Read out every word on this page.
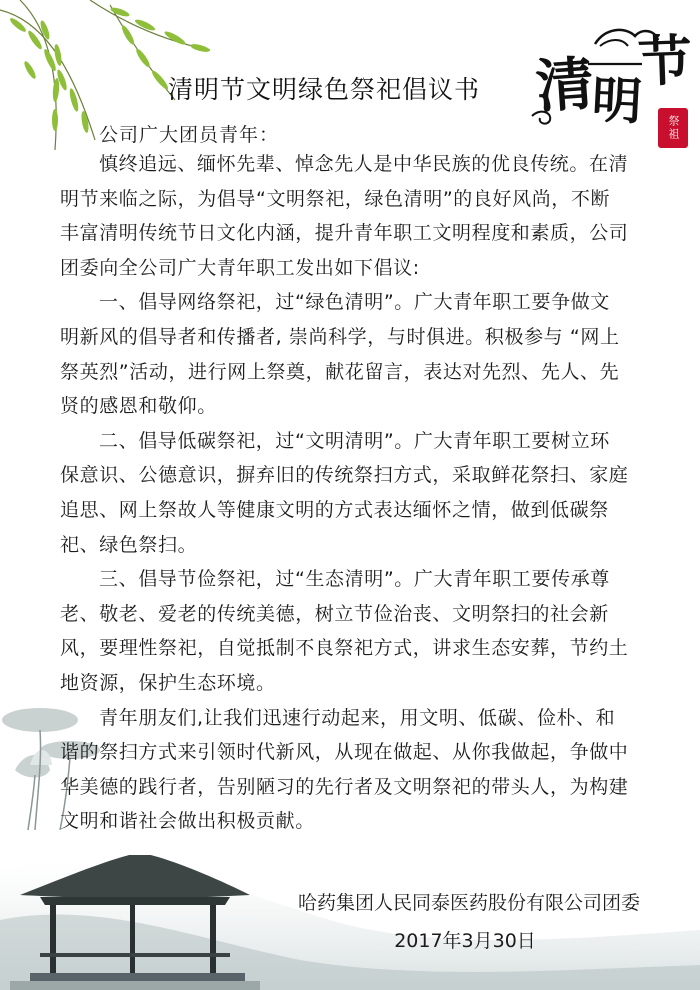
清
明
节
祭祖
清明节文明绿色祭祀倡议书
公司广大团员青年：

慎终追远、缅怀先辈、悼念先人是中华民族的优良传统。在清
明节来临之际，为倡导“文明祭祀，绿色清明”的良好风尚，不断
丰富清明传统节日文化内涵，提升青年职工文明程度和素质，公司
团委向全公司广大青年职工发出如下倡议:

一、倡导网络祭祀，过“绿色清明”。广大青年职工要争做文
明新风的倡导者和传播者, 崇尚科学，与时俱进。积极参与 “网上
祭英烈”活动，进行网上祭奠，献花留言，表达对先烈、先人、先
贤的感恩和敬仰。

二、倡导低碳祭祀，过“文明清明”。广大青年职工要树立环
保意识、公德意识，摒弃旧的传统祭扫方式，采取鲜花祭扫、家庭
追思、网上祭故人等健康文明的方式表达缅怀之情，做到低碳祭
祀、绿色祭扫。

三、倡导节俭祭祀，过“生态清明”。广大青年职工要传承尊
老、敬老、爱老的传统美德，树立节俭治丧、文明祭扫的社会新
风，要理性祭祀，自觉抵制不良祭祀方式，讲求生态安葬，节约土
地资源，保护生态环境。

青年朋友们,让我们迅速行动起来，用文明、低碳、俭朴、和
谐的祭扫方式来引领时代新风，从现在做起、从你我做起，争做中
华美德的践行者，告别陋习的先行者及文明祭祀的带头人，为构建
文明和谐社会做出积极贡献。

哈药集团人民同泰医药股份有限公司团委
2017年3月30日
